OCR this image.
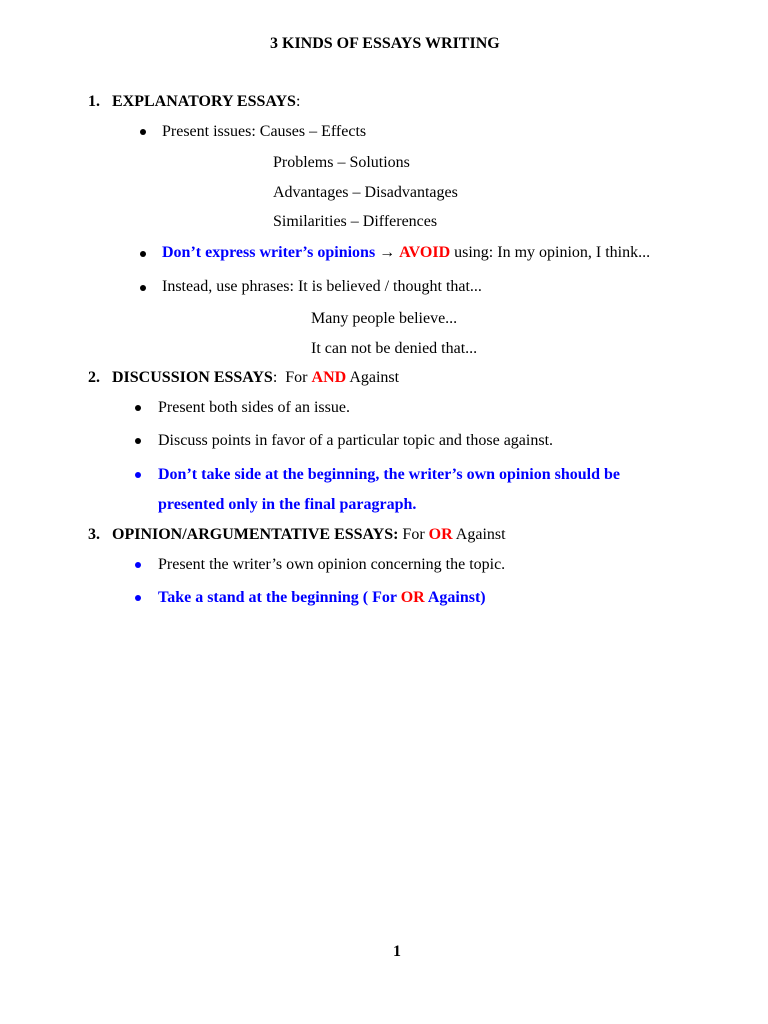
3 KINDS OF ESSAYS WRITING
1. EXPLANATORY ESSAYS:
Present issues: Causes – Effects
Problems – Solutions
Advantages – Disadvantages
Similarities – Differences
Don’t express writer’s opinions → AVOID using: In my opinion, I think...
Instead, use phrases: It is believed / thought that...
Many people believe...
It can not be denied that...
2. DISCUSSION ESSAYS: For AND Against
Present both sides of an issue.
Discuss points in favor of a particular topic and those against.
Don’t take side at the beginning, the writer’s own opinion should be
presented only in the final paragraph.
3. OPINION/ARGUMENTATIVE ESSAYS: For OR Against
Present the writer’s own opinion concerning the topic.
Take a stand at the beginning ( For OR Against)
1
